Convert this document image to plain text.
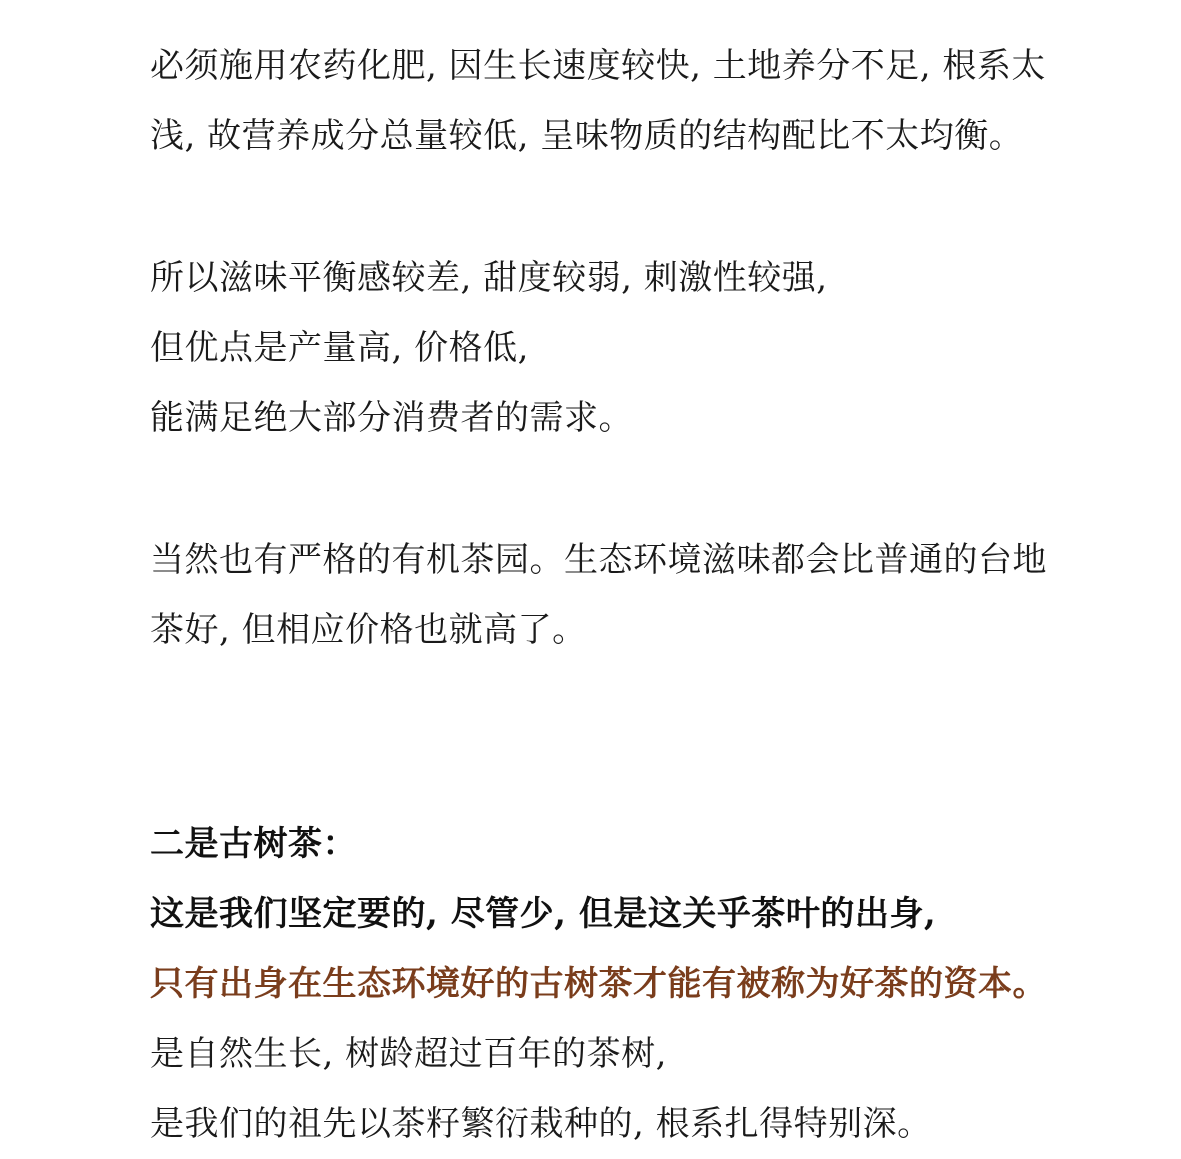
必须施用农药化肥, 因生长速度较快, 土地养分不足, 根系太
浅, 故营养成分总量较低, 呈味物质的结构配比不太均衡。
所以滋味平衡感较差, 甜度较弱, 刺激性较强,
但优点是产量高, 价格低,
能满足绝大部分消费者的需求。
当然也有严格的有机茶园。生态环境滋味都会比普通的台地
茶好, 但相应价格也就高了。
二是古树茶：
这是我们坚定要的, 尽管少, 但是这关乎茶叶的出身,
只有出身在生态环境好的古树茶才能有被称为好茶的资本。
是自然生长, 树龄超过百年的茶树,
是我们的祖先以茶籽繁衍栽种的, 根系扎得特别深。
